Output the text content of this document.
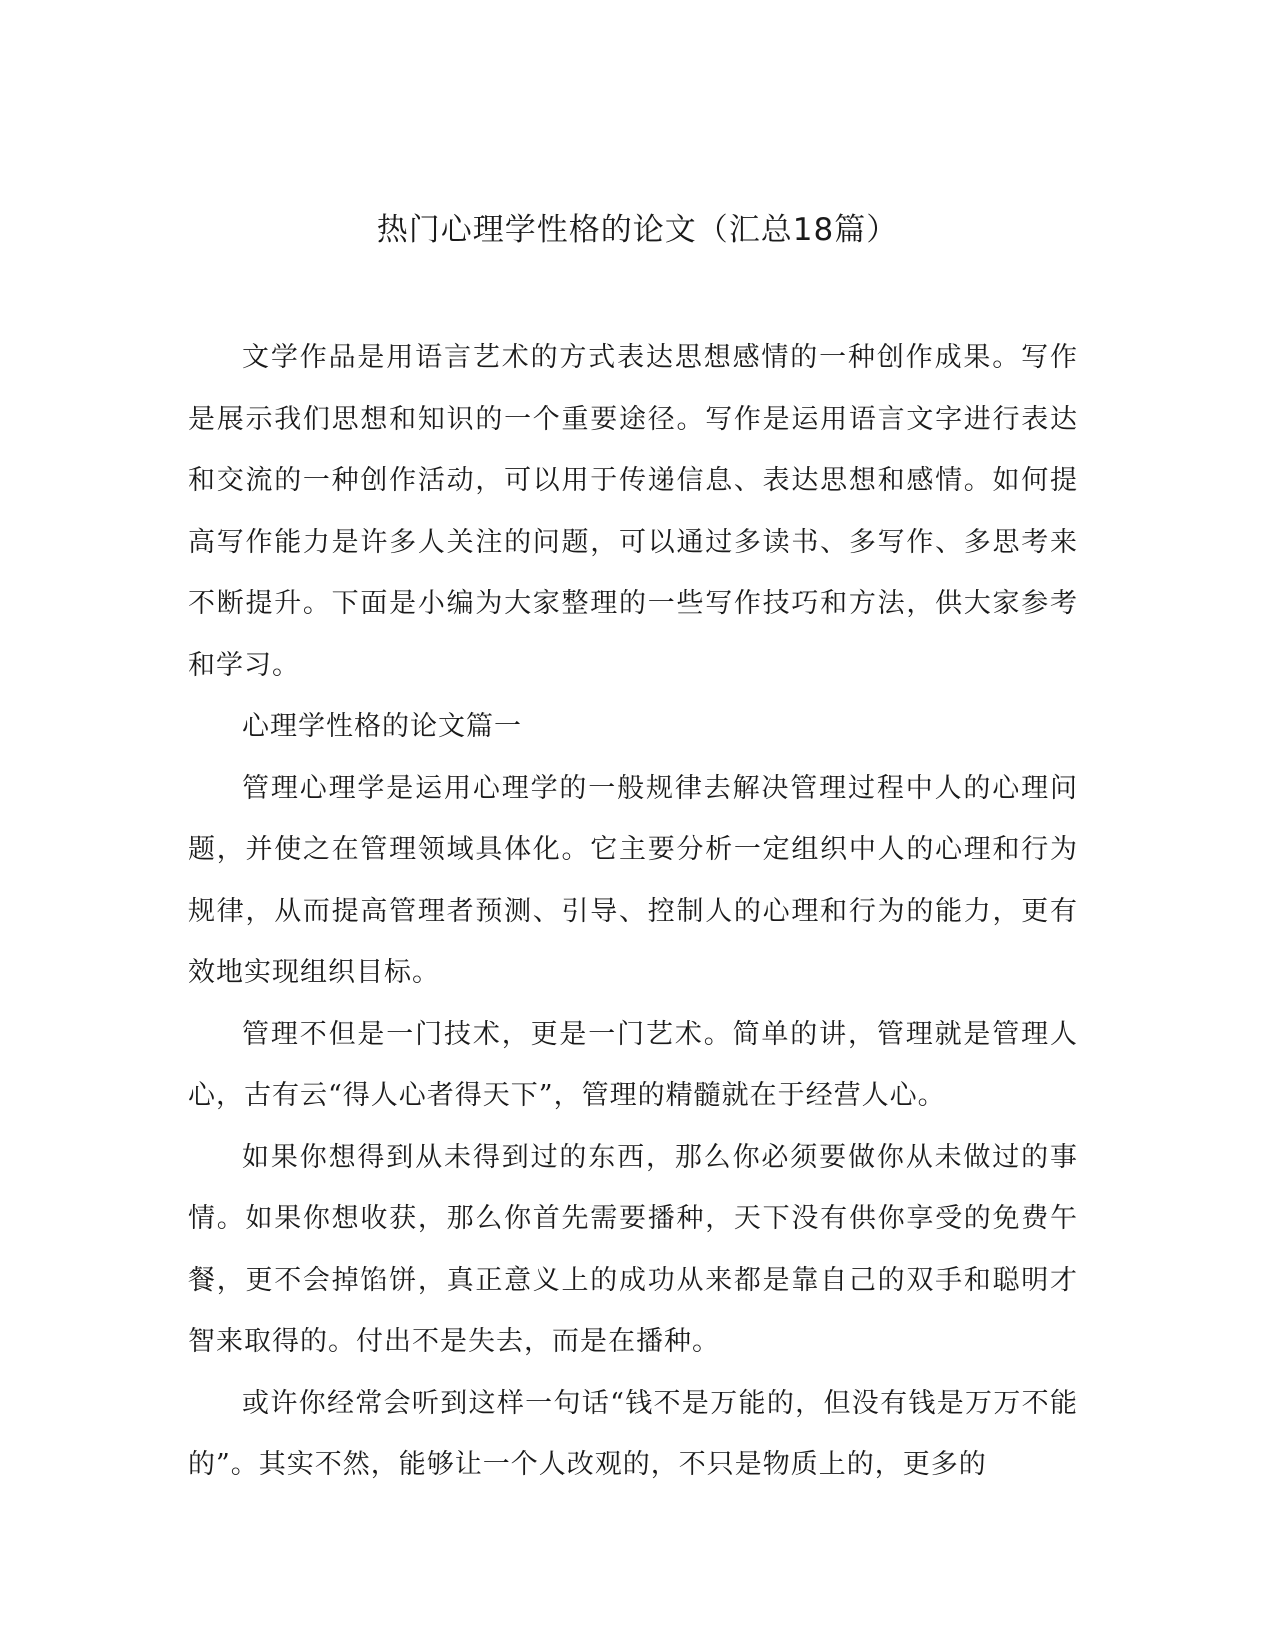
热门心理学性格的论文（汇总18篇）

文学作品是用语言艺术的方式表达思想感情的一种创作成果。写作是展示我们思想和知识的一个重要途径。写作是运用语言文字进行表达和交流的一种创作活动，可以用于传递信息、表达思想和感情。如何提高写作能力是许多人关注的问题，可以通过多读书、多写作、多思考来不断提升。下面是小编为大家整理的一些写作技巧和方法，供大家参考和学习。

心理学性格的论文篇一

管理心理学是运用心理学的一般规律去解决管理过程中人的心理问题，并使之在管理领域具体化。它主要分析一定组织中人的心理和行为规律，从而提高管理者预测、引导、控制人的心理和行为的能力，更有效地实现组织目标。

管理不但是一门技术，更是一门艺术。简单的讲，管理就是管理人心，古有云“得人心者得天下”，管理的精髓就在于经营人心。

如果你想得到从未得到过的东西，那么你必须要做你从未做过的事情。如果你想收获，那么你首先需要播种，天下没有供你享受的免费午餐，更不会掉馅饼，真正意义上的成功从来都是靠自己的双手和聪明才智来取得的。付出不是失去，而是在播种。

或许你经常会听到这样一句话“钱不是万能的，但没有钱是万万不能的”。其实不然，能够让一个人改观的，不只是物质上的，更多的
